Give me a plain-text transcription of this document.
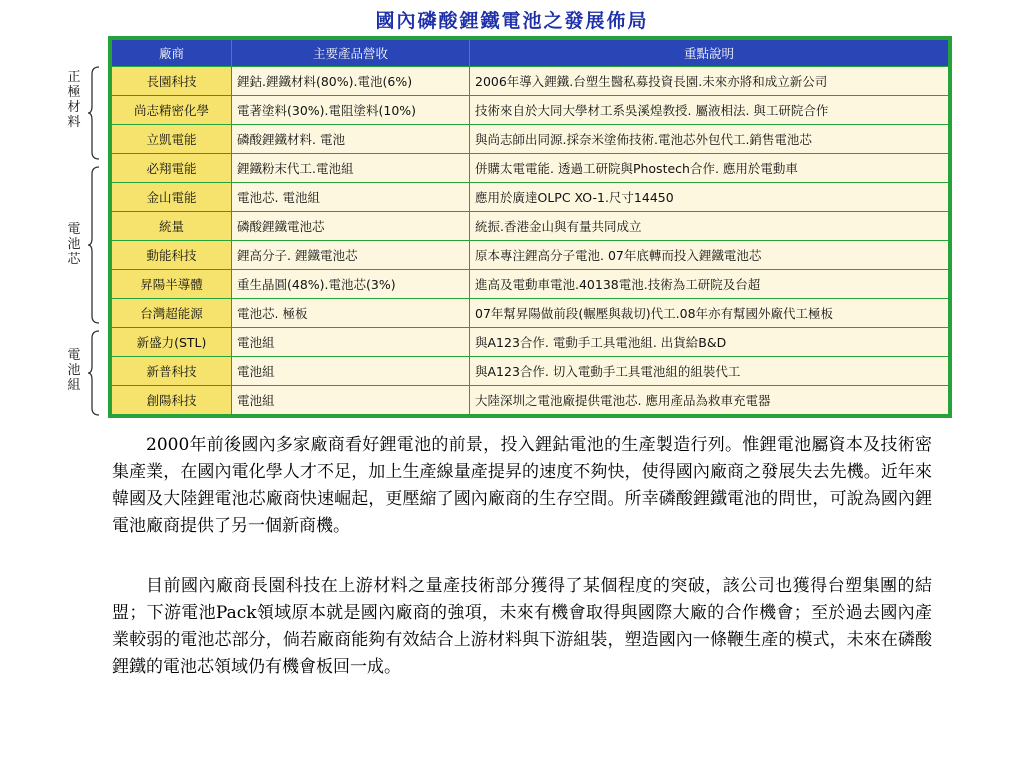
國內磷酸鋰鐵電池之發展佈局
正極材料
電池芯
電池組
廠商	主要產品營收	重點說明
長園科技	鋰鈷.鋰鐵材料(80%).電池(6%)	2006年導入鋰鐵.台塑生醫私募投資長園.未來亦將和成立新公司
尚志精密化學	電著塗料(30%).電阻塗料(10%)	技術來自於大同大學材工系吳溪煌教授. 屬液相法. 與工研院合作
立凱電能	磷酸鋰鐵材料. 電池	與尚志師出同源.採奈米塗佈技術.電池芯外包代工.銷售電池芯
必翔電能	鋰鐵粉末代工.電池組	併購太電電能. 透過工研院與Phostech合作. 應用於電動車
金山電能	電池芯. 電池組	應用於廣達OLPC XO-1.尺寸14450
統量	磷酸鋰鐵電池芯	統振.香港金山與有量共同成立
動能科技	鋰高分子. 鋰鐵電池芯	原本專注鋰高分子電池. 07年底轉而投入鋰鐵電池芯
昇陽半導體	重生晶圓(48%).電池芯(3%)	進高及電動車電池.40138電池.技術為工研院及台超
台灣超能源	電池芯. 極板	07年幫昇陽做前段(輾壓與裁切)代工.08年亦有幫國外廠代工極板
新盛力(STL)	電池組	與A123合作. 電動手工具電池組. 出貨給B&D
新普科技	電池組	與A123合作. 切入電動手工具電池組的組裝代工
創陽科技	電池組	大陸深圳之電池廠提供電池芯. 應用產品為救車充電器

2000年前後國內多家廠商看好鋰電池的前景，投入鋰鈷電池的生產製造行列。惟鋰電池屬資本及技術密集產業，在國內電化學人才不足，加上生產線量產提昇的速度不夠快，使得國內廠商之發展失去先機。近年來韓國及大陸鋰電池芯廠商快速崛起，更壓縮了國內廠商的生存空間。所幸磷酸鋰鐵電池的問世，可說為國內鋰電池廠商提供了另一個新商機。

目前國內廠商長園科技在上游材料之量產技術部分獲得了某個程度的突破，該公司也獲得台塑集團的結盟；下游電池Pack領域原本就是國內廠商的強項，未來有機會取得與國際大廠的合作機會；至於過去國內產業較弱的電池芯部分，倘若廠商能夠有效結合上游材料與下游組裝，塑造國內一條鞭生產的模式，未來在磷酸鋰鐵的電池芯領域仍有機會板回一成。
